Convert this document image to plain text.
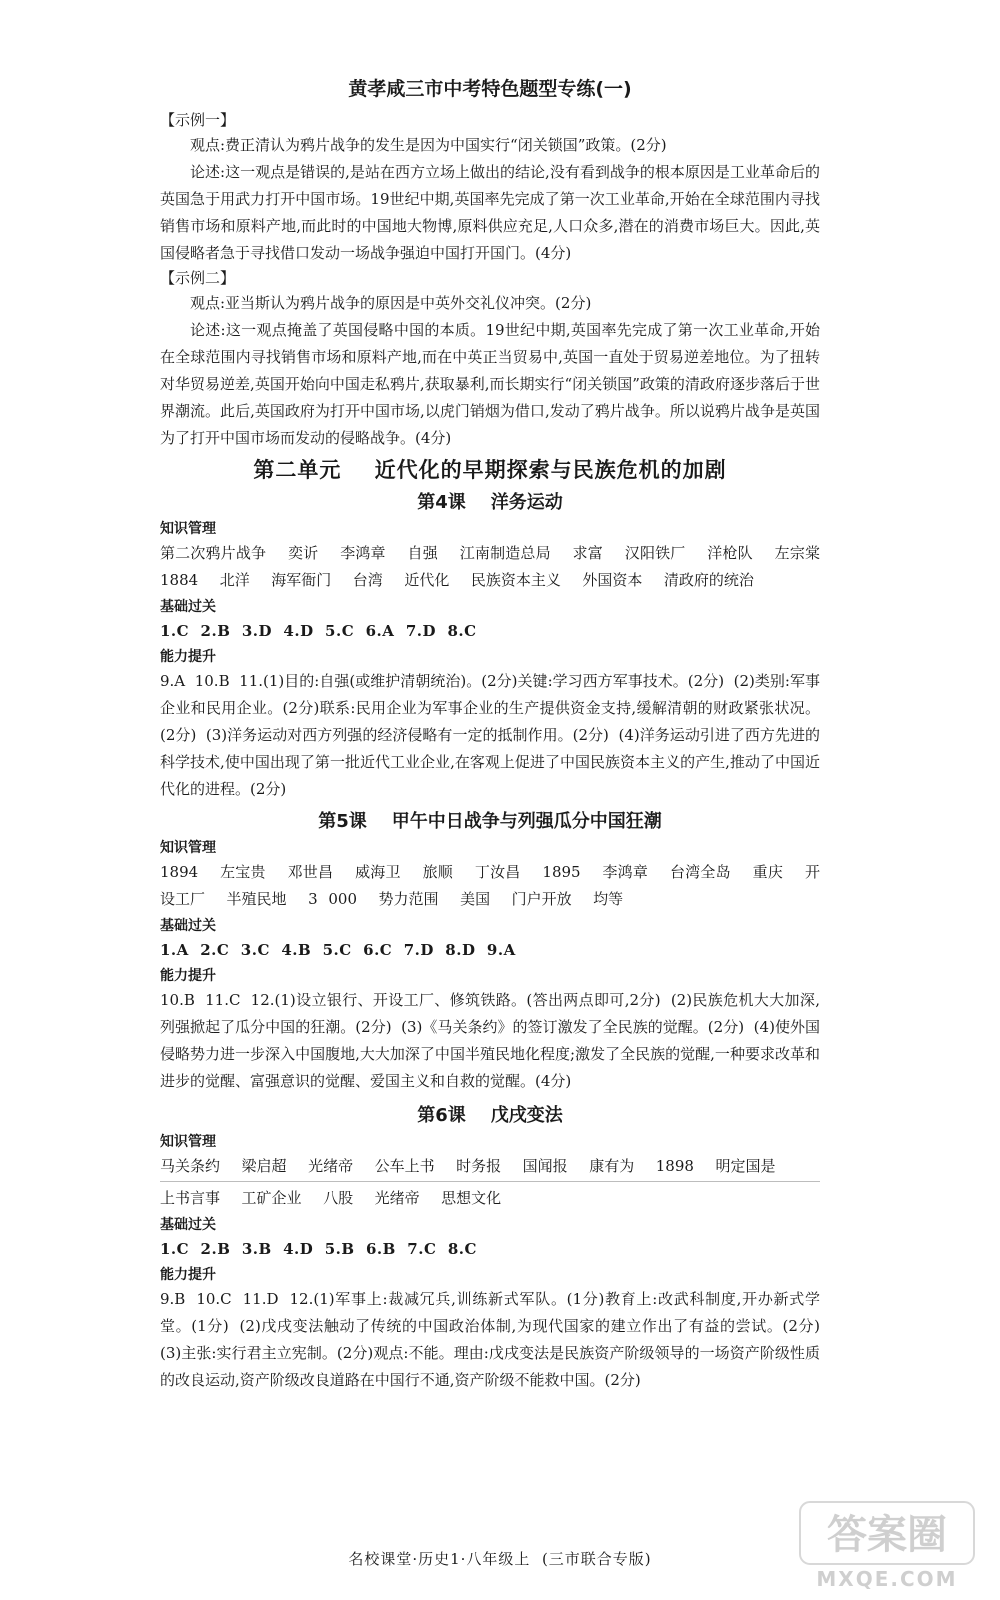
黄孝咸三市中考特色题型专练(一)
【示例一】

观点:费正清认为鸦片战争的发生是因为中国实行“闭关锁国”政策。(2分)

论述:这一观点是错误的,是站在西方立场上做出的结论,没有看到战争的根本原因是工业革命后的英国急于用武力打开中国市场。19世纪中期,英国率先完成了第一次工业革命,开始在全球范围内寻找销售市场和原料产地,而此时的中国地大物博,原料供应充足,人口众多,潜在的消费市场巨大。因此,英国侵略者急于寻找借口发动一场战争强迫中国打开国门。(4分)

【示例二】

观点:亚当斯认为鸦片战争的原因是中英外交礼仪冲突。(2分)

论述:这一观点掩盖了英国侵略中国的本质。19世纪中期,英国率先完成了第一次工业革命,开始在全球范围内寻找销售市场和原料产地,而在中英正当贸易中,英国一直处于贸易逆差地位。为了扭转对华贸易逆差,英国开始向中国走私鸦片,获取暴利,而长期实行“闭关锁国”政策的清政府逐步落后于世界潮流。此后,英国政府为打开中国市场,以虎门销烟为借口,发动了鸦片战争。所以说鸦片战争是英国为了打开中国市场而发动的侵略战争。(4分)

第二单元    近代化的早期探索与民族危机的加剧
第4课    洋务运动
知识管理

第二次鸦片战争  奕䜣  李鸿章  自强  江南制造总局  求富  汉阳铁厂  洋枪队  左宗棠  1884  北洋  海军衙门  台湾  近代化  民族资本主义  外国资本  清政府的统治

基础过关
1.C  2.B  3.D  4.D  5.C  6.A  7.D  8.C
能力提升

9.A  10.B  11.(1)目的:自强(或维护清朝统治)。(2分)关键:学习西方军事技术。(2分)  (2)类别:军事企业和民用企业。(2分)联系:民用企业为军事企业的生产提供资金支持,缓解清朝的财政紧张状况。(2分)  (3)洋务运动对西方列强的经济侵略有一定的抵制作用。(2分)  (4)洋务运动引进了西方先进的科学技术,使中国出现了第一批近代工业企业,在客观上促进了中国民族资本主义的产生,推动了中国近代化的进程。(2分)

第5课    甲午中日战争与列强瓜分中国狂潮
知识管理

1894  左宝贵  邓世昌  威海卫  旅顺  丁汝昌  1895  李鸿章  台湾全岛  重庆  开设工厂  半殖民地  3 000  势力范围  美国  门户开放  均等

基础过关
1.A  2.C  3.C  4.B  5.C  6.C  7.D  8.D  9.A
能力提升

10.B  11.C  12.(1)设立银行、开设工厂、修筑铁路。(答出两点即可,2分)  (2)民族危机大大加深,列强掀起了瓜分中国的狂潮。(2分)  (3)《马关条约》的签订激发了全民族的觉醒。(2分)  (4)使外国侵略势力进一步深入中国腹地,大大加深了中国半殖民地化程度;激发了全民族的觉醒,一种要求改革和进步的觉醒、富强意识的觉醒、爱国主义和自救的觉醒。(4分)

第6课    戊戌变法
知识管理
马关条约  梁启超  光绪帝  公车上书  时务报  国闻报  康有为  1898  明定国是
上书言事  工矿企业  八股  光绪帝  思想文化
基础过关
1.C  2.B  3.B  4.D  5.B  6.B  7.C  8.C
能力提升

9.B  10.C  11.D  12.(1)军事上:裁减冗兵,训练新式军队。(1分)教育上:改武科制度,开办新式学堂。(1分)  (2)戊戌变法触动了传统的中国政治体制,为现代国家的建立作出了有益的尝试。(2分)  (3)主张:实行君主立宪制。(2分)观点:不能。理由:戊戌变法是民族资产阶级领导的一场资产阶级性质的改良运动,资产阶级改良道路在中国行不通,资产阶级不能救中国。(2分)

名校课堂·历史1·八年级上  (三市联合专版)
答案圈
MXQE.COM
